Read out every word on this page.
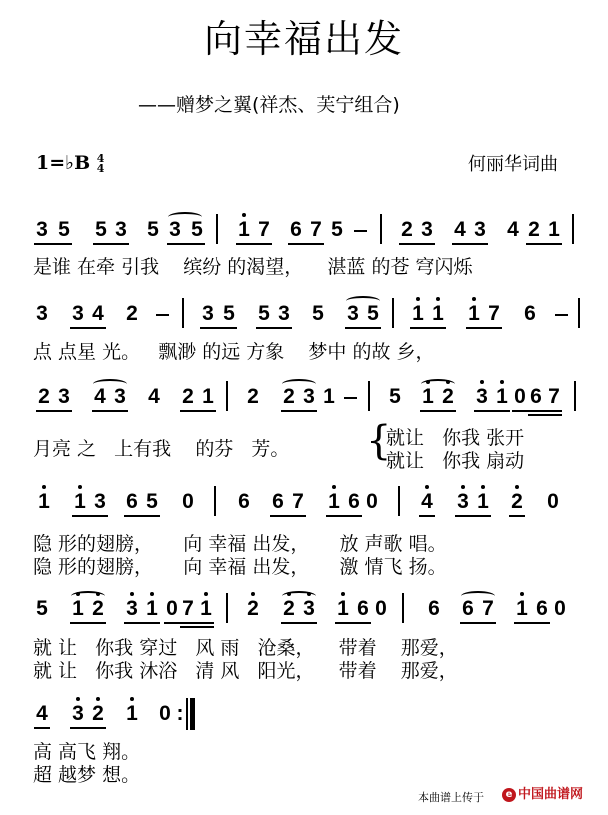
向幸福出发
——赠梦之翼(祥杰、芙宁组合)
1=♭B 4
4	何丽华词曲
3 5 5 3 5 3 5 1 7 6 7 5	2 3 4 3 4 2 1
是谁 在牵 引我    缤纷 的渴望，    湛蓝 的苍 穹闪烁
3 3 4 2	3 5 5 3 5 3 5 1 1 1 7 6
点 点星 光。   飘渺 的远 方象    梦中 的故 乡，
2 3 4 3 4 2 1 2 2 3 1	5 1 2 3 1 0 6 7
月亮 之   上有我    的芬   芳。 {
就让   你我 张开
就让   你我 扇动
1 1 3 6 5 0 6 6 7 1 6 0 4 3 1 2 0
隐 形的翅膀，     向 幸福 出发，     放 声歌 唱。
隐 形的翅膀，     向 幸福 出发，     激 情飞 扬。
5 1 2 3 1 0 7 1 2 2 3 1 6 0 6 6 7 1 6 0
就 让   你我 穿过   风 雨   沧桑，    带着    那爱，
就 让   你我 沐浴   清 风   阳光，    带着    那爱，
4 3 2 1 0 :
高 高飞 翔。
超 越梦 想。
本曲谱上传于	e 中国曲谱网
